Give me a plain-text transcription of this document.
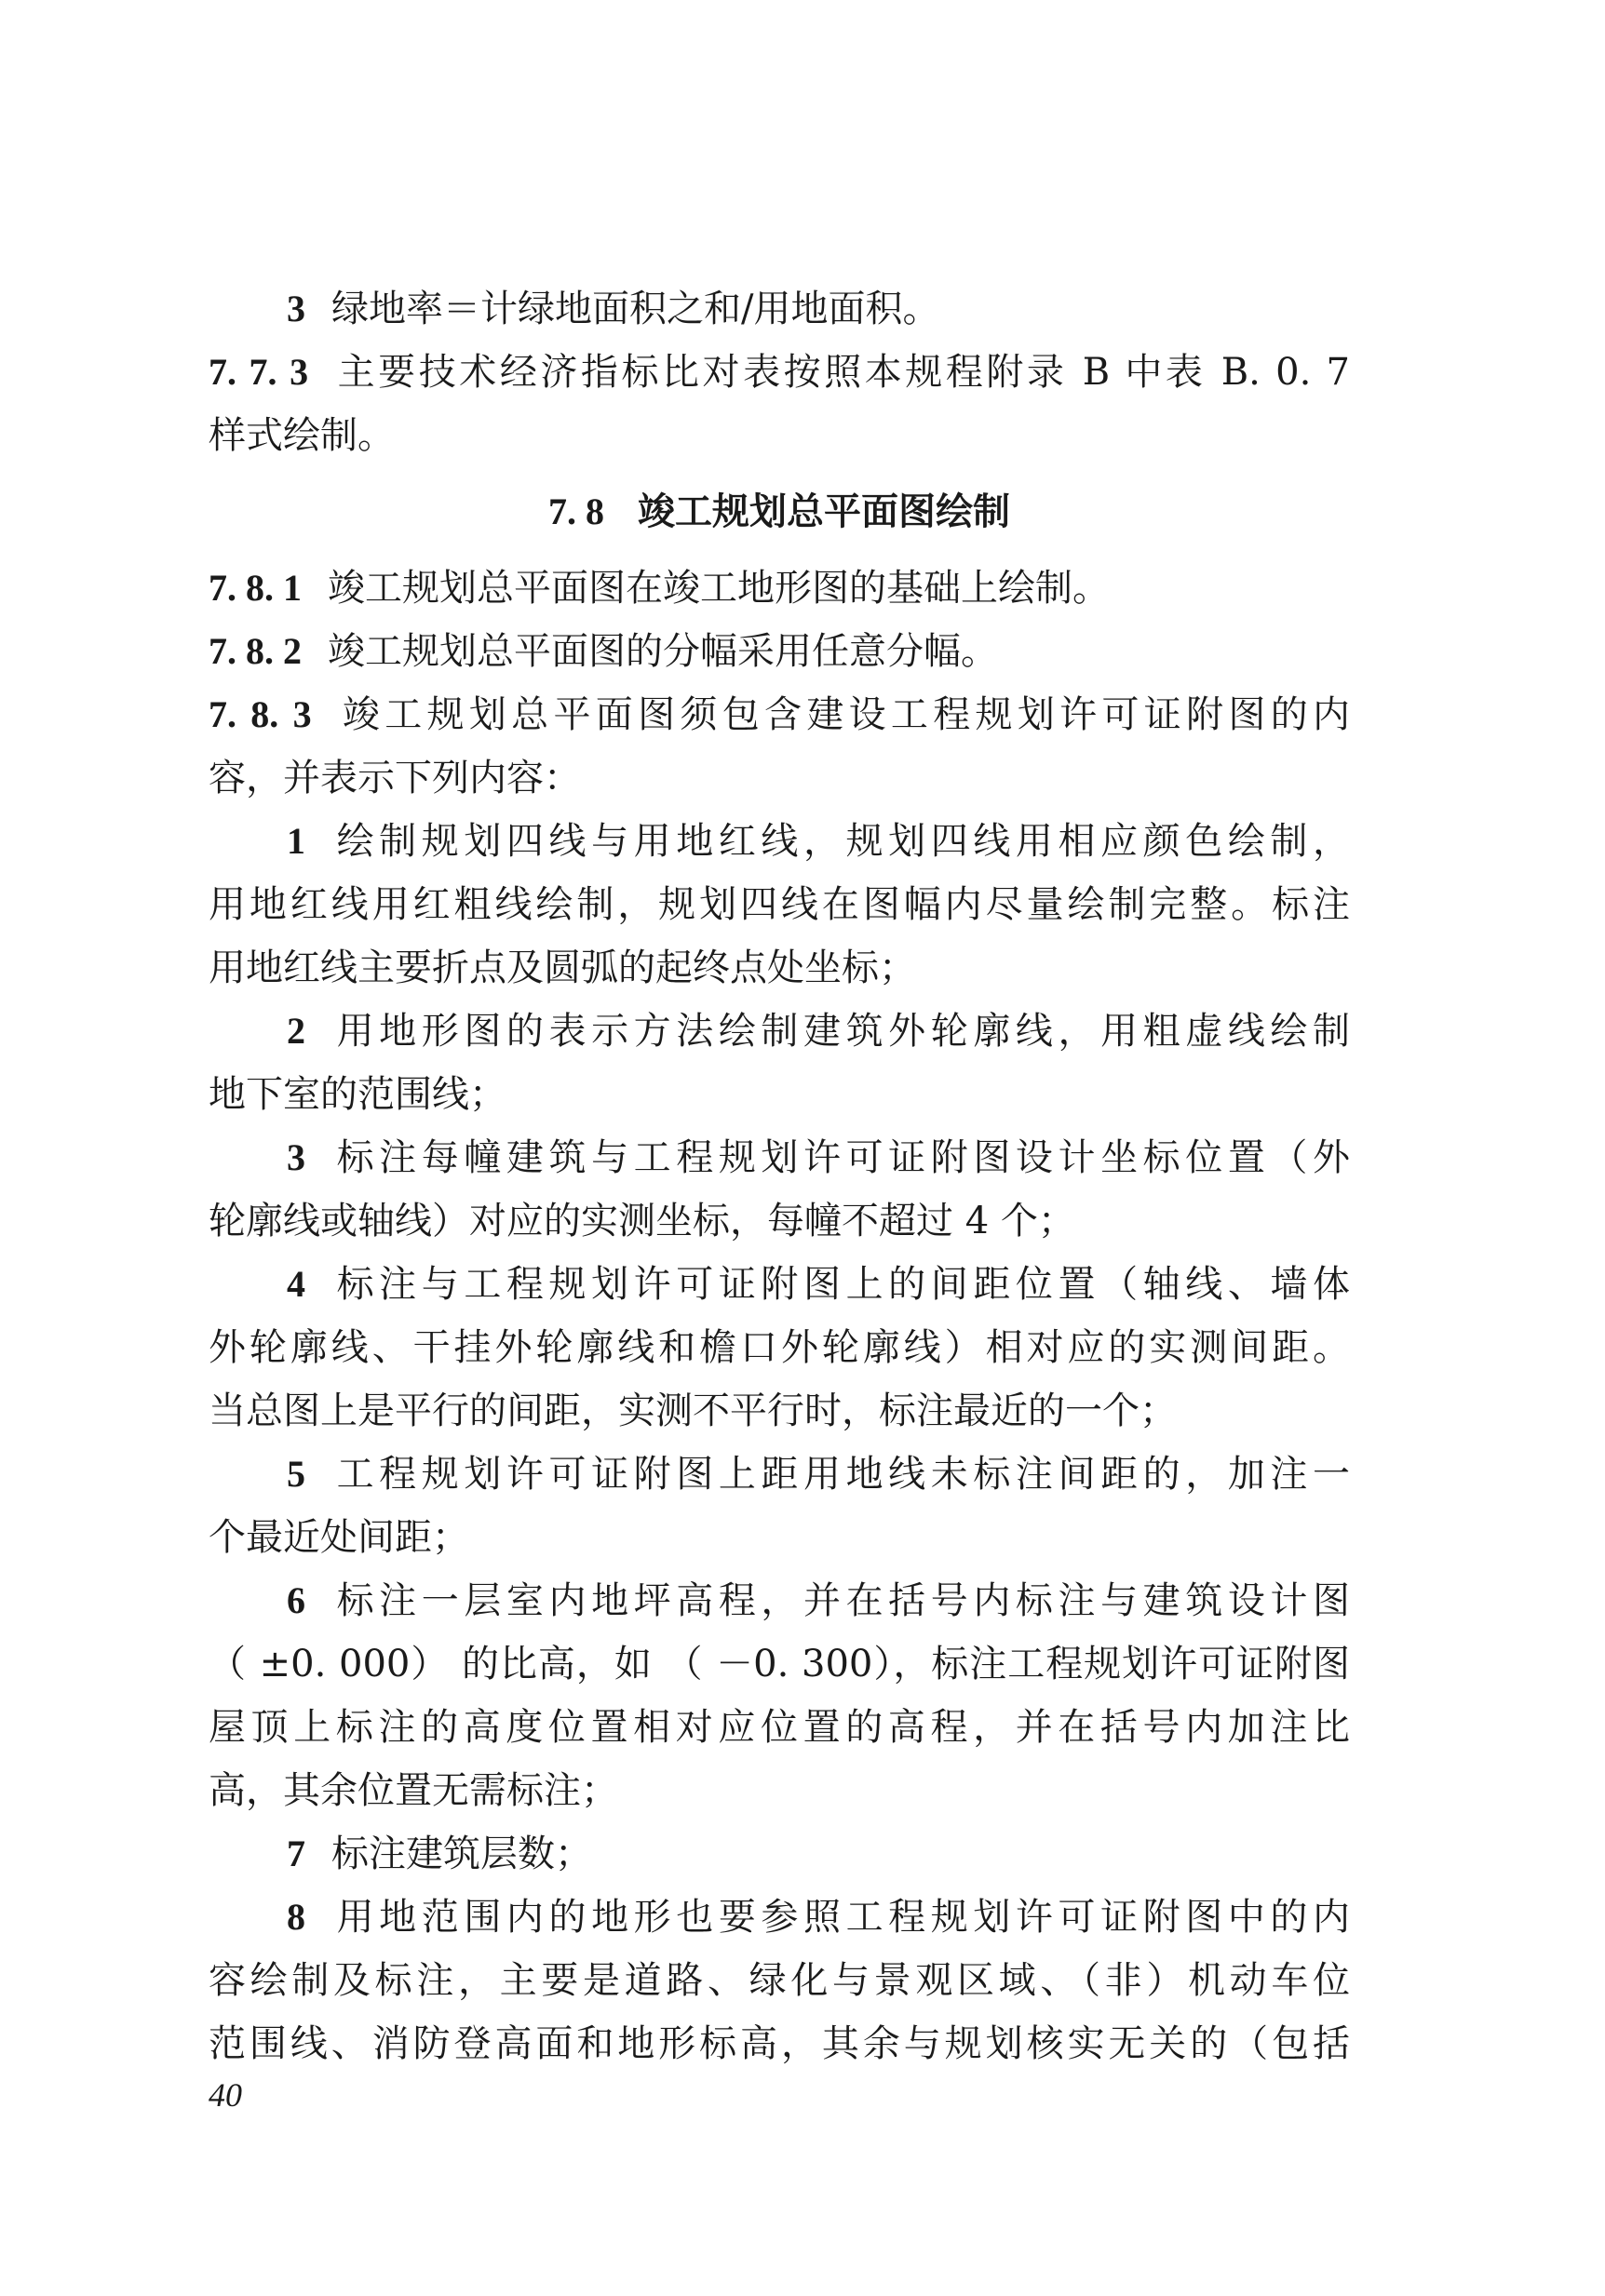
3 绿地率＝计绿地面积之和/用地面积。
7. 7. 3 主要技术经济指标比对表按照本规程附录 B 中表 B. 0. 7
样式绘制。
7. 8 竣工规划总平面图绘制
7. 8. 1 竣工规划总平面图在竣工地形图的基础上绘制。
7. 8. 2 竣工规划总平面图的分幅采用任意分幅。
7. 8. 3 竣工规划总平面图须包含建设工程规划许可证附图的内
容，并表示下列内容：
1 绘制规划四线与用地红线，规划四线用相应颜色绘制，
用地红线用红粗线绘制，规划四线在图幅内尽量绘制完整。标注
用地红线主要折点及圆弧的起终点处坐标；
2 用地形图的表示方法绘制建筑外轮廓线，用粗虚线绘制
地下室的范围线；
3 标注每幢建筑与工程规划许可证附图设计坐标位置（外
轮廓线或轴线）对应的实测坐标，每幢不超过 4 个；
4 标注与工程规划许可证附图上的间距位置（轴线、墙体
外轮廓线、干挂外轮廓线和檐口外轮廓线）相对应的实测间距。
当总图上是平行的间距，实测不平行时，标注最近的一个；
5 工程规划许可证附图上距用地线未标注间距的，加注一
个最近处间距；
6 标注一层室内地坪高程，并在括号内标注与建筑设计图
（ ±0. 000） 的比高，如 （ －0. 300），标注工程规划许可证附图
屋顶上标注的高度位置相对应位置的高程，并在括号内加注比
高，其余位置无需标注；
7 标注建筑层数；
8 用地范围内的地形也要参照工程规划许可证附图中的内
容绘制及标注，主要是道路、绿化与景观区域、（非）机动车位
范围线、消防登高面和地形标高，其余与规划核实无关的（包括
40
